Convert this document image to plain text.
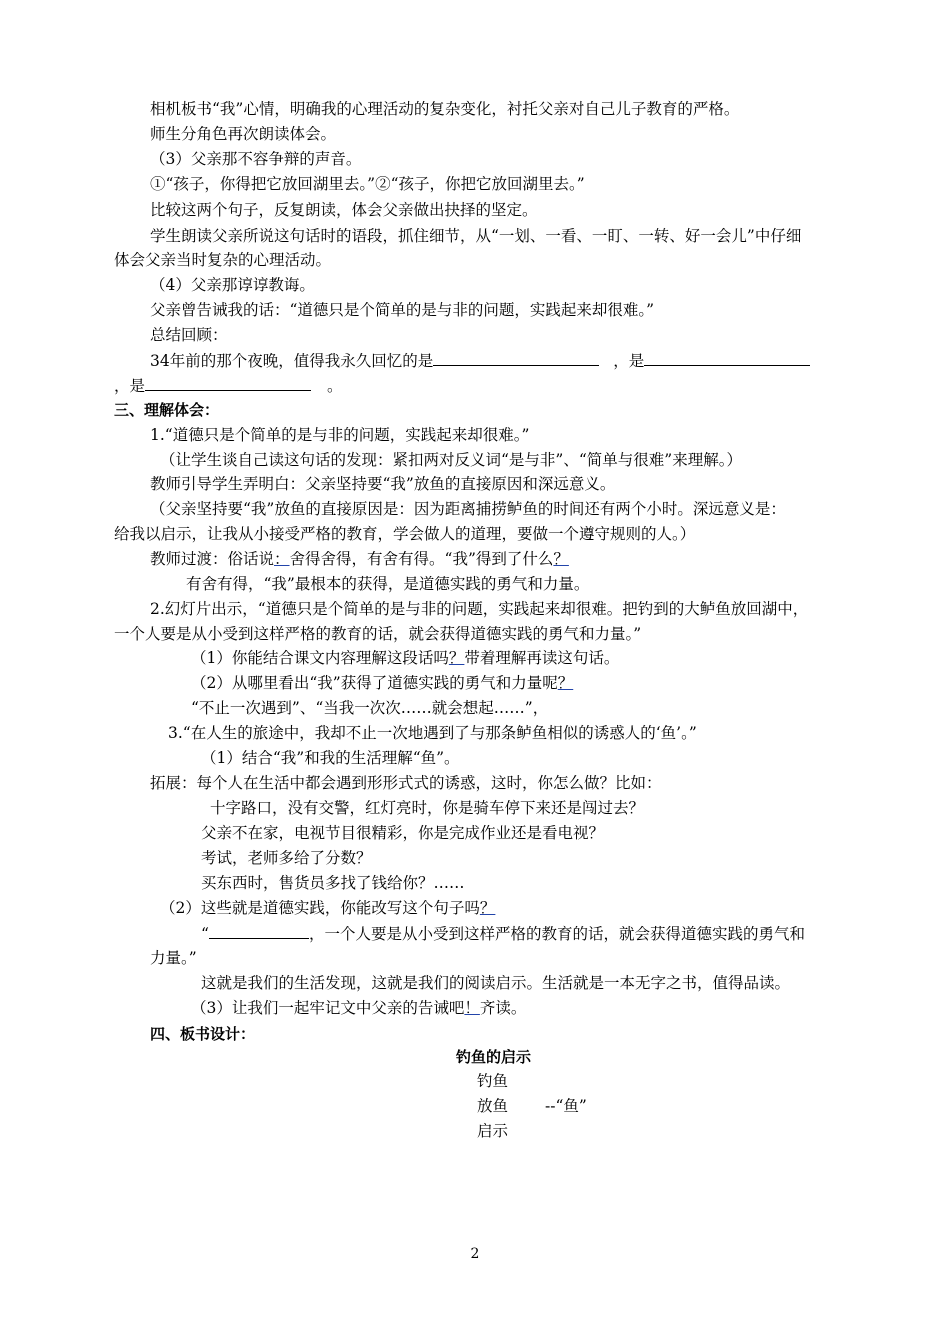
相机板书“我”心情，明确我的心理活动的复杂变化，衬托父亲对自己儿子教育的严格。
师生分角色再次朗读体会。
（3）父亲那不容争辩的声音。
①“孩子，你得把它放回湖里去。”②“孩子，你把它放回湖里去。”
比较这两个句子，反复朗读，体会父亲做出抉择的坚定。
学生朗读父亲所说这句话时的语段，抓住细节，从“一划、一看、一盯、一转、好一会儿”中仔细
体会父亲当时复杂的心理活动。
（4）父亲那谆谆教诲。
父亲曾告诫我的话：“道德只是个简单的是与非的问题，实践起来却很难。”
总结回顾：
34年前的那个夜晚，值得我永久回忆的是	，是
，是	。
三、理解体会：
1.“道德只是个简单的是与非的问题，实践起来却很难。”
（让学生谈自己读这句话的发现：紧扣两对反义词“是与非”、“简单与很难”来理解。）
教师引导学生弄明白：父亲坚持要“我”放鱼的直接原因和深远意义。
（父亲坚持要“我”放鱼的直接原因是：因为距离捕捞鲈鱼的时间还有两个小时。深远意义是：
给我以启示，让我从小接受严格的教育，学会做人的道理，要做一个遵守规则的人。）
教师过渡：俗话说：舍得舍得，有舍有得。“我”得到了什么？
有舍有得，“我”最根本的获得，是道德实践的勇气和力量。
2.幻灯片出示，“道德只是个简单的是与非的问题，实践起来却很难。把钓到的大鲈鱼放回湖中，
一个人要是从小受到这样严格的教育的话，就会获得道德实践的勇气和力量。”
（1）你能结合课文内容理解这段话吗？带着理解再读这句话。
（2）从哪里看出“我”获得了道德实践的勇气和力量呢？
“不止一次遇到”、“当我一次次……就会想起……”，
3.“在人生的旅途中，我却不止一次地遇到了与那条鲈鱼相似的诱惑人的‘鱼’。”
（1）结合“我”和我的生活理解“鱼”。
拓展：每个人在生活中都会遇到形形式式的诱惑，这时，你怎么做？比如：
十字路口，没有交警，红灯亮时，你是骑车停下来还是闯过去？
父亲不在家，电视节目很精彩，你是完成作业还是看电视？
考试，老师多给了分数？
买东西时，售货员多找了钱给你？……
（2）这些就是道德实践，你能改写这个句子吗？
“	，一个人要是从小受到这样严格的教育的话，就会获得道德实践的勇气和
力量。”
这就是我们的生活发现，这就是我们的阅读启示。生活就是一本无字之书，值得品读。
（3）让我们一起牢记文中父亲的告诫吧！齐读。
四、板书设计：
钓鱼的启示
钓鱼
放鱼 --“鱼”
启示
2
